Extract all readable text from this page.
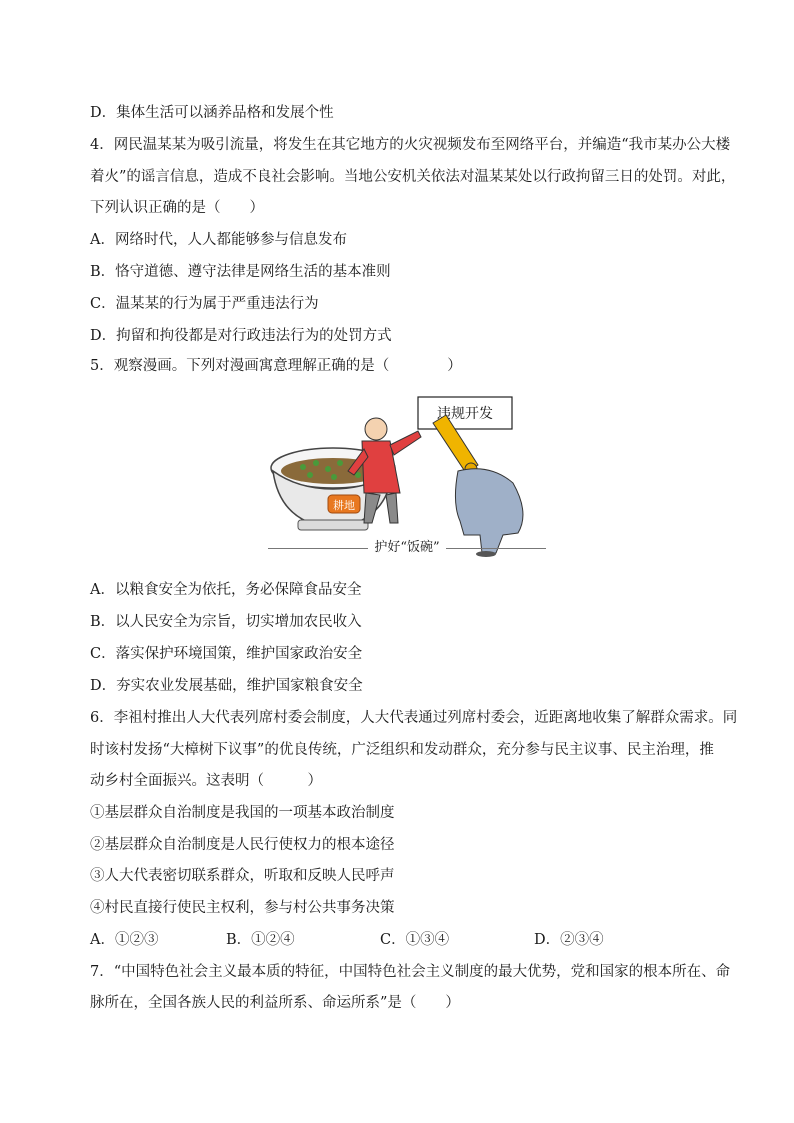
D．集体生活可以涵养品格和发展个性
4．网民温某某为吸引流量，将发生在其它地方的火灾视频发布至网络平台，并编造“我市某办公大楼
着火”的谣言信息，造成不良社会影响。当地公安机关依法对温某某处以行政拘留三日的处罚。对此，
下列认识正确的是（　　）
A．网络时代，人人都能够参与信息发布
B．恪守道德、遵守法律是网络生活的基本准则
C．温某某的行为属于严重违法行为
D．拘留和拘役都是对行政违法行为的处罚方式
5．观察漫画。下列对漫画寓意理解正确的是（　　　　）
违规开发
耕地
护好“饭碗”
A．以粮食安全为依托，务必保障食品安全
B．以人民安全为宗旨，切实增加农民收入
C．落实保护环境国策，维护国家政治安全
D．夯实农业发展基础，维护国家粮食安全
6．李祖村推出人大代表列席村委会制度，人大代表通过列席村委会，近距离地收集了解群众需求。同
时该村发扬“大樟树下议事”的优良传统，广泛组织和发动群众，充分参与民主议事、民主治理，推
动乡村全面振兴。这表明（　　　）
①基层群众自治制度是我国的一项基本政治制度
②基层群众自治制度是人民行使权力的根本途径
③人大代表密切联系群众，听取和反映人民呼声
④村民直接行使民主权利，参与村公共事务决策
A．①②③	B．①②④	C．①③④	D．②③④
7．“中国特色社会主义最本质的特征，中国特色社会主义制度的最大优势，党和国家的根本所在、命
脉所在，全国各族人民的利益所系、命运所系”是（　　）
